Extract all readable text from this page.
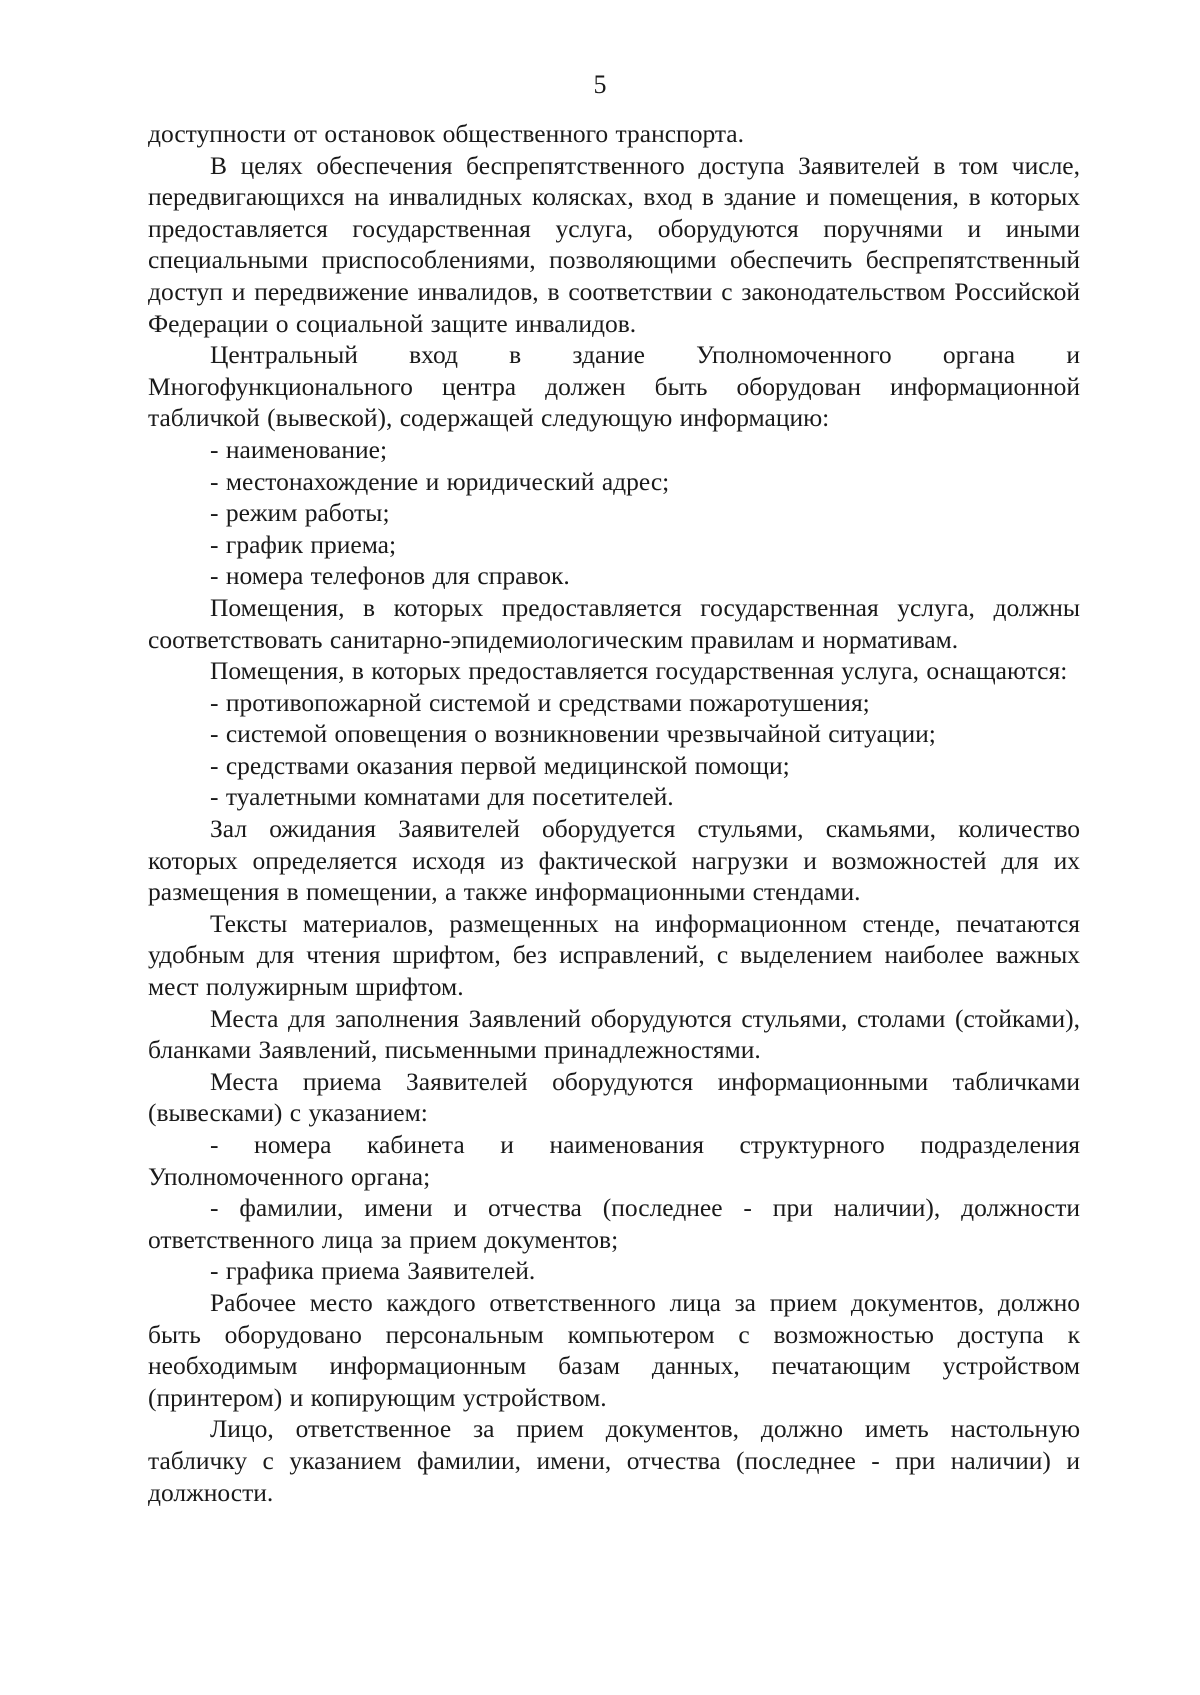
5

доступности от остановок общественного транспорта.

В целях обеспечения беспрепятственного доступа Заявителей в том числе, передвигающихся на инвалидных колясках, вход в здание и помещения, в которых предоставляется государственная услуга, оборудуются поручнями и иными специальными приспособлениями, позволяющими обеспечить беспрепятственный доступ и передвижение инвалидов, в соответствии с законодательством Российской Федерации о социальной защите инвалидов.

Центральный вход в здание Уполномоченного органа и Многофункционального центра должен быть оборудован информационной табличкой (вывеской), содержащей следующую информацию:

- наименование;

- местонахождение и юридический адрес;

- режим работы;

- график приема;

- номера телефонов для справок.

Помещения, в которых предоставляется государственная услуга, должны соответствовать санитарно-эпидемиологическим правилам и нормативам.

Помещения, в которых предоставляется государственная услуга, оснащаются:

- противопожарной системой и средствами пожаротушения;

- системой оповещения о возникновении чрезвычайной ситуации;

- средствами оказания первой медицинской помощи;

- туалетными комнатами для посетителей.

Зал ожидания Заявителей оборудуется стульями, скамьями, количество которых определяется исходя из фактической нагрузки и возможностей для их размещения в помещении, а также информационными стендами.

Тексты материалов, размещенных на информационном стенде, печатаются удобным для чтения шрифтом, без исправлений, с выделением наиболее важных мест полужирным шрифтом.

Места для заполнения Заявлений оборудуются стульями, столами (стойками), бланками Заявлений, письменными принадлежностями.

Места приема Заявителей оборудуются информационными табличками (вывесками) с указанием:

- номера кабинета и наименования структурного подразделения Уполномоченного органа;

- фамилии, имени и отчества (последнее - при наличии), должности ответственного лица за прием документов;

- графика приема Заявителей.

Рабочее место каждого ответственного лица за прием документов, должно быть оборудовано персональным компьютером с возможностью доступа к необходимым информационным базам данных, печатающим устройством (принтером) и копирующим устройством.

Лицо, ответственное за прием документов, должно иметь настольную табличку с указанием фамилии, имени, отчества (последнее - при наличии) и должности.
